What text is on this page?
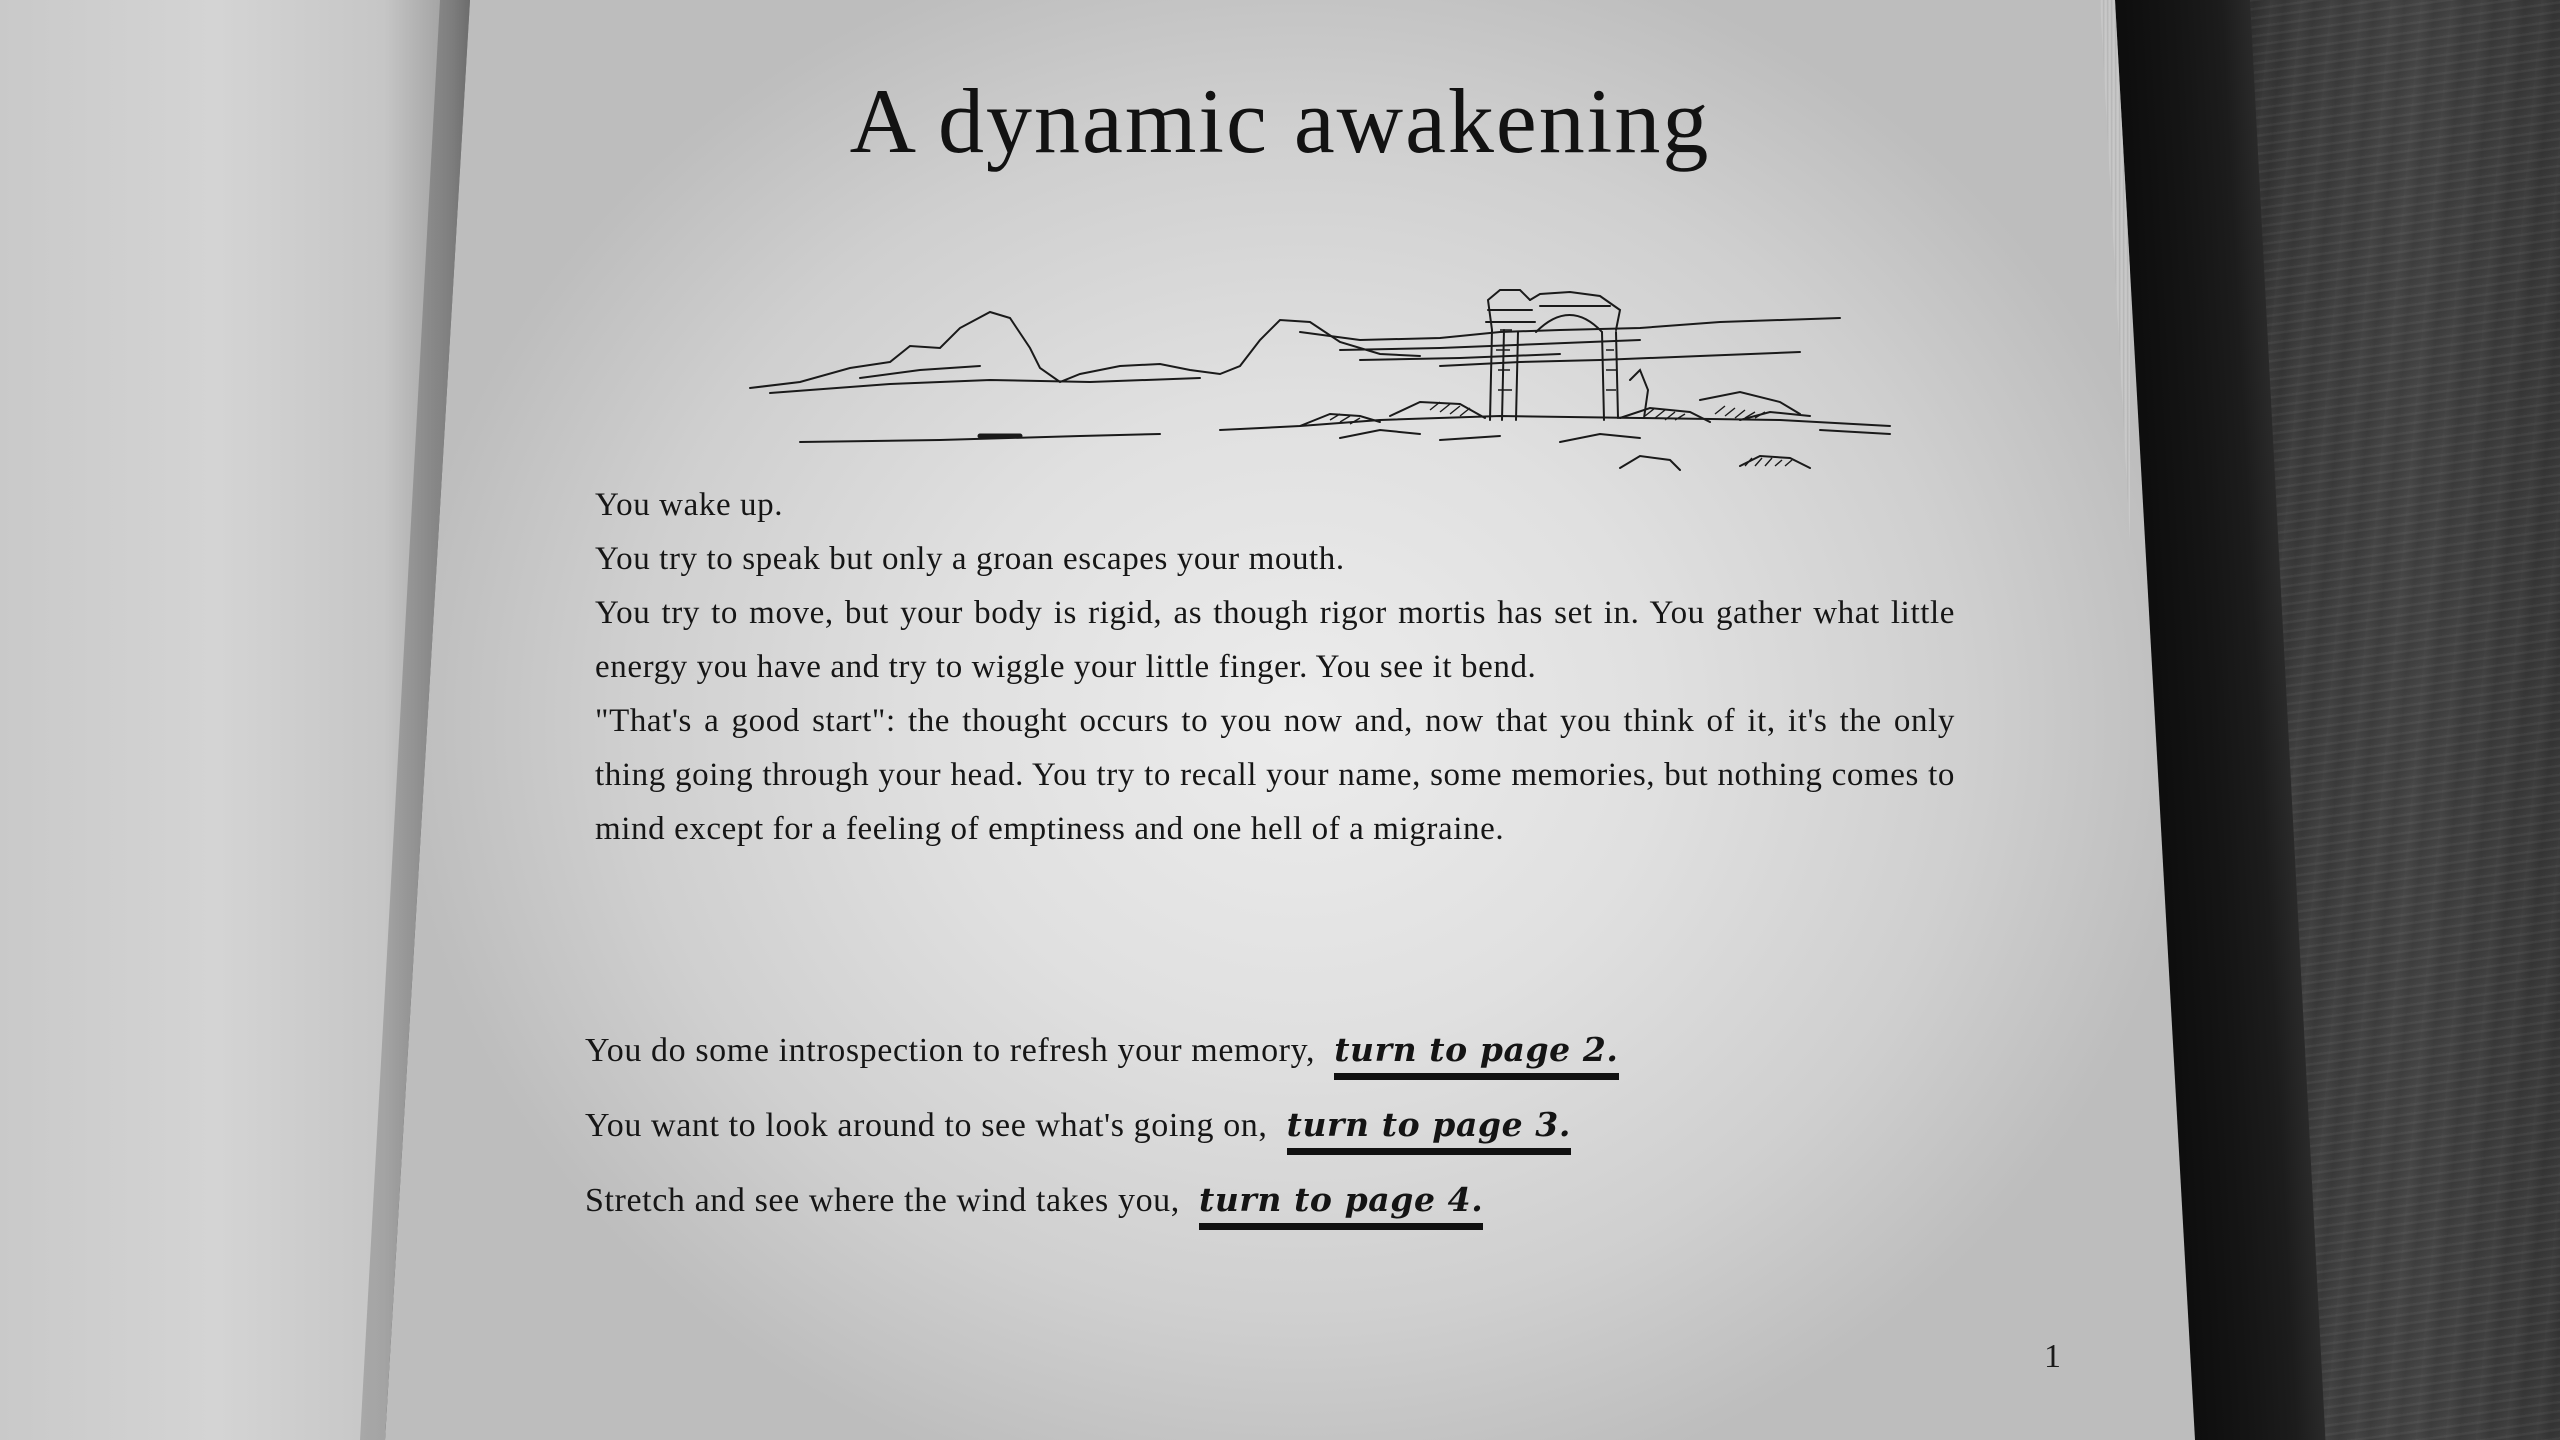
A dynamic awakening

You wake up.

You try to speak but only a groan escapes your mouth.

You try to move, but your body is rigid, as though rigor mortis has set in. You gather what little energy you have and try to wiggle your little finger. You see it bend.

"That's a good start": the thought occurs to you now and, now that you think of it, it's the only thing going through your head. You try to recall your name, some memories, but nothing comes to mind except for a feeling of emptiness and one hell of a migraine.

You do some introspection to refresh your memory, turn to page 2.
You want to look around to see what's going on, turn to page 3.
Stretch and see where the wind takes you, turn to page 4.
1
